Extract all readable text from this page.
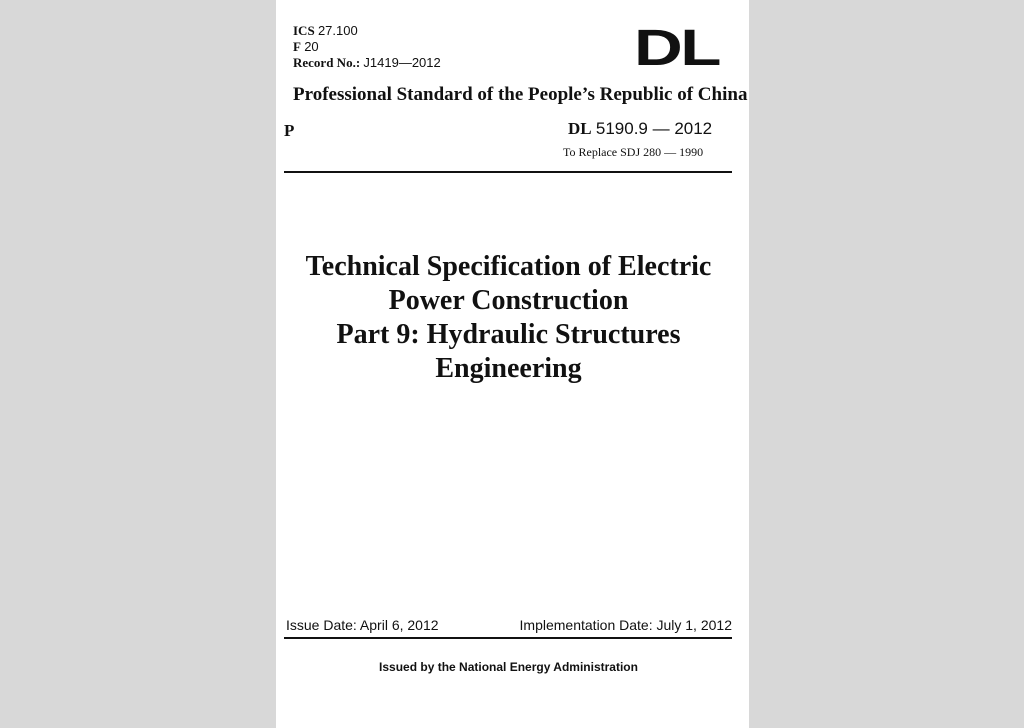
ICS 27.100
F 20
Record No.: J1419—2012	DL
Professional Standard of the People’s Republic of China
P	DL 5190.9 — 2012
To Replace SDJ 280 — 1990
Technical Specification of Electric
Power Construction
Part 9: Hydraulic Structures
Engineering
Issue Date: April 6, 2012	Implementation Date: July 1, 2012
Issued by the National Energy Administration
